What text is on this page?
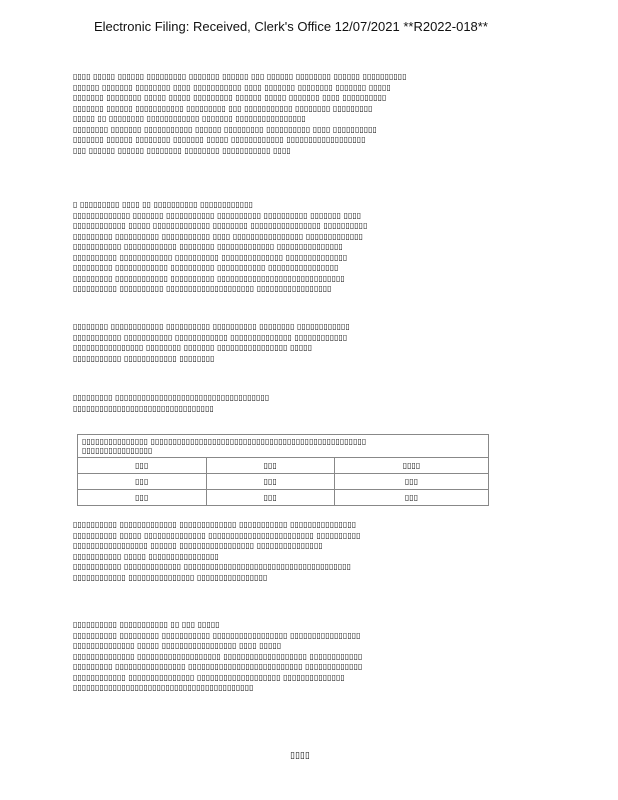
Electronic Filing: Received, Clerk's Office 12/07/2021 **R2022-018**
▯▯▯▯ ▯▯▯▯▯ ▯▯▯▯▯▯ ▯▯▯▯▯▯▯▯▯ ▯▯▯▯▯▯▯ ▯▯▯▯▯▯ ▯▯▯ ▯▯▯▯▯▯ ▯▯▯▯▯▯▯▯ ▯▯▯▯▯▯ ▯▯▯▯▯▯▯▯▯▯
▯▯▯▯▯▯ ▯▯▯▯▯▯▯ ▯▯▯▯▯▯▯▯ ▯▯▯▯ ▯▯▯▯▯▯▯▯▯▯▯ ▯▯▯▯ ▯▯▯▯▯▯▯ ▯▯▯▯▯▯▯▯ ▯▯▯▯▯▯▯ ▯▯▯▯▯
▯▯▯▯▯▯▯ ▯▯▯▯▯▯▯▯ ▯▯▯▯▯ ▯▯▯▯▯ ▯▯▯▯▯▯▯▯▯ ▯▯▯▯▯▯ ▯▯▯▯▯ ▯▯▯▯▯▯▯ ▯▯▯▯ ▯▯▯▯▯▯▯▯▯▯
▯▯▯▯▯▯▯ ▯▯▯▯▯▯ ▯▯▯▯▯▯▯▯▯▯▯ ▯▯▯▯▯▯▯▯▯ ▯▯▯ ▯▯▯▯▯▯▯▯▯▯▯ ▯▯▯▯▯▯▯▯ ▯▯▯▯▯▯▯▯▯
▯▯▯▯▯ ▯▯ ▯▯▯▯▯▯▯▯ ▯▯▯▯▯▯▯▯▯▯▯▯ ▯▯▯▯▯▯▯ ▯▯▯▯▯▯▯▯▯▯▯▯▯▯▯▯
▯▯▯▯▯▯▯▯ ▯▯▯▯▯▯▯ ▯▯▯▯▯▯▯▯▯▯▯ ▯▯▯▯▯▯ ▯▯▯▯▯▯▯▯▯ ▯▯▯▯▯▯▯▯▯▯ ▯▯▯▯ ▯▯▯▯▯▯▯▯▯▯
▯▯▯▯▯▯▯ ▯▯▯▯▯▯ ▯▯▯▯▯▯▯▯ ▯▯▯▯▯▯▯ ▯▯▯▯▯ ▯▯▯▯▯▯▯▯▯▯▯▯ ▯▯▯▯▯▯▯▯▯▯▯▯▯▯▯▯▯▯
▯▯▯ ▯▯▯▯▯▯ ▯▯▯▯▯▯ ▯▯▯▯▯▯▯▯ ▯▯▯▯▯▯▯▯ ▯▯▯▯▯▯▯▯▯▯▯ ▯▯▯▯
▯ ▯▯▯▯▯▯▯▯▯ ▯▯▯▯ ▯▯ ▯▯▯▯▯▯▯▯▯▯ ▯▯▯▯▯▯▯▯▯▯▯▯
▯▯▯▯▯▯▯▯▯▯▯▯▯ ▯▯▯▯▯▯▯ ▯▯▯▯▯▯▯▯▯▯▯ ▯▯▯▯▯▯▯▯▯▯ ▯▯▯▯▯▯▯▯▯▯ ▯▯▯▯▯▯▯ ▯▯▯▯
▯▯▯▯▯▯▯▯▯▯▯▯ ▯▯▯▯▯ ▯▯▯▯▯▯▯▯▯▯▯▯▯ ▯▯▯▯▯▯▯▯ ▯▯▯▯▯▯▯▯▯▯▯▯▯▯▯▯ ▯▯▯▯▯▯▯▯▯▯
▯▯▯▯▯▯▯▯▯ ▯▯▯▯▯▯▯▯▯▯ ▯▯▯▯▯▯▯▯▯▯▯ ▯▯▯▯ ▯▯▯▯▯▯▯▯▯▯▯▯▯▯▯▯ ▯▯▯▯▯▯▯▯▯▯▯▯▯
▯▯▯▯▯▯▯▯▯▯▯ ▯▯▯▯▯▯▯▯▯▯▯▯ ▯▯▯▯▯▯▯▯ ▯▯▯▯▯▯▯▯▯▯▯▯▯ ▯▯▯▯▯▯▯▯▯▯▯▯▯▯▯
▯▯▯▯▯▯▯▯▯▯ ▯▯▯▯▯▯▯▯▯▯▯▯ ▯▯▯▯▯▯▯▯▯▯ ▯▯▯▯▯▯▯▯▯▯▯▯▯▯ ▯▯▯▯▯▯▯▯▯▯▯▯▯▯
▯▯▯▯▯▯▯▯▯ ▯▯▯▯▯▯▯▯▯▯▯▯ ▯▯▯▯▯▯▯▯▯▯ ▯▯▯▯▯▯▯▯▯▯▯ ▯▯▯▯▯▯▯▯▯▯▯▯▯▯▯▯
▯▯▯▯▯▯▯▯▯ ▯▯▯▯▯▯▯▯▯▯▯▯ ▯▯▯▯▯▯▯▯▯▯ ▯▯▯▯▯▯▯▯▯▯▯▯▯▯▯▯▯▯▯▯▯▯▯▯▯▯▯▯▯
▯▯▯▯▯▯▯▯▯▯ ▯▯▯▯▯▯▯▯▯▯ ▯▯▯▯▯▯▯▯▯▯▯▯▯▯▯▯▯▯▯▯ ▯▯▯▯▯▯▯▯▯▯▯▯▯▯▯▯▯
▯▯▯▯▯▯▯▯ ▯▯▯▯▯▯▯▯▯▯▯▯ ▯▯▯▯▯▯▯▯▯▯ ▯▯▯▯▯▯▯▯▯▯ ▯▯▯▯▯▯▯▯ ▯▯▯▯▯▯▯▯▯▯▯▯
▯▯▯▯▯▯▯▯▯▯▯ ▯▯▯▯▯▯▯▯▯▯▯ ▯▯▯▯▯▯▯▯▯▯▯▯ ▯▯▯▯▯▯▯▯▯▯▯▯▯▯ ▯▯▯▯▯▯▯▯▯▯▯▯
▯▯▯▯▯▯▯▯▯▯▯▯▯▯▯▯ ▯▯▯▯▯▯▯▯ ▯▯▯▯▯▯▯ ▯▯▯▯▯▯▯▯▯▯▯▯▯▯▯▯ ▯▯▯▯▯
▯▯▯▯▯▯▯▯▯▯▯ ▯▯▯▯▯▯▯▯▯▯▯▯ ▯▯▯▯▯▯▯▯
▯▯▯▯▯▯▯▯▯ ▯▯▯▯▯▯▯▯▯▯▯▯▯▯▯▯▯▯▯▯▯▯▯▯▯▯▯▯▯▯▯▯▯▯▯
▯▯▯▯▯▯▯▯▯▯▯▯▯▯▯▯▯▯▯▯▯▯▯▯▯▯▯▯▯▯▯▯
▯▯▯▯▯▯▯▯▯▯▯▯▯▯▯ ▯▯▯▯▯▯▯▯▯▯▯▯▯▯▯▯▯▯▯▯▯▯▯▯▯▯▯▯▯▯▯▯▯▯▯▯▯▯▯▯▯▯▯▯▯▯▯▯▯
▯▯▯▯▯▯▯▯▯▯▯▯▯▯▯▯		

▯▯▯	▯▯▯	▯▯▯▯
▯▯▯	▯▯▯	▯▯▯
▯▯▯	▯▯▯	▯▯▯
▯▯▯▯▯▯▯▯▯▯ ▯▯▯▯▯▯▯▯▯▯▯▯▯ ▯▯▯▯▯▯▯▯▯▯▯▯▯ ▯▯▯▯▯▯▯▯▯▯▯ ▯▯▯▯▯▯▯▯▯▯▯▯▯▯▯
▯▯▯▯▯▯▯▯▯▯ ▯▯▯▯▯ ▯▯▯▯▯▯▯▯▯▯▯▯▯▯ ▯▯▯▯▯▯▯▯▯▯▯▯▯▯▯▯▯▯▯▯▯▯▯▯ ▯▯▯▯▯▯▯▯▯▯
▯▯▯▯▯▯▯▯▯▯▯▯▯▯▯▯▯ ▯▯▯▯▯▯ ▯▯▯▯▯▯▯▯▯▯▯▯▯▯▯▯▯ ▯▯▯▯▯▯▯▯▯▯▯▯▯▯▯
▯▯▯▯▯▯▯▯▯▯▯ ▯▯▯▯▯ ▯▯▯▯▯▯▯▯▯▯▯▯▯▯▯▯
▯▯▯▯▯▯▯▯▯▯▯ ▯▯▯▯▯▯▯▯▯▯▯▯▯ ▯▯▯▯▯▯▯▯▯▯▯▯▯▯▯▯▯▯▯▯▯▯▯▯▯▯▯▯▯▯▯▯▯▯▯▯▯▯
▯▯▯▯▯▯▯▯▯▯▯▯ ▯▯▯▯▯▯▯▯▯▯▯▯▯▯▯ ▯▯▯▯▯▯▯▯▯▯▯▯▯▯▯▯
▯▯▯▯▯▯▯▯▯▯ ▯▯▯▯▯▯▯▯▯▯▯ ▯▯ ▯▯▯ ▯▯▯▯▯
▯▯▯▯▯▯▯▯▯▯ ▯▯▯▯▯▯▯▯▯ ▯▯▯▯▯▯▯▯▯▯▯ ▯▯▯▯▯▯▯▯▯▯▯▯▯▯▯▯▯ ▯▯▯▯▯▯▯▯▯▯▯▯▯▯▯▯
▯▯▯▯▯▯▯▯▯▯▯▯▯▯ ▯▯▯▯▯ ▯▯▯▯▯▯▯▯▯▯▯▯▯▯▯▯▯ ▯▯▯▯ ▯▯▯▯▯
▯▯▯▯▯▯▯▯▯▯▯▯▯▯ ▯▯▯▯▯▯▯▯▯▯▯▯▯▯▯▯▯▯▯ ▯▯▯▯▯▯▯▯▯▯▯▯▯▯▯▯▯▯▯ ▯▯▯▯▯▯▯▯▯▯▯▯
▯▯▯▯▯▯▯▯▯ ▯▯▯▯▯▯▯▯▯▯▯▯▯▯▯▯ ▯▯▯▯▯▯▯▯▯▯▯▯▯▯▯▯▯▯▯▯▯▯▯▯▯▯ ▯▯▯▯▯▯▯▯▯▯▯▯▯
▯▯▯▯▯▯▯▯▯▯▯▯ ▯▯▯▯▯▯▯▯▯▯▯▯▯▯▯ ▯▯▯▯▯▯▯▯▯▯▯▯▯▯▯▯▯▯▯ ▯▯▯▯▯▯▯▯▯▯▯▯▯▯
▯▯▯▯▯▯▯▯▯▯▯▯▯▯▯▯▯▯▯▯▯▯▯▯▯▯▯▯▯▯▯▯▯▯▯▯▯▯▯▯▯
▯▯▯▯
